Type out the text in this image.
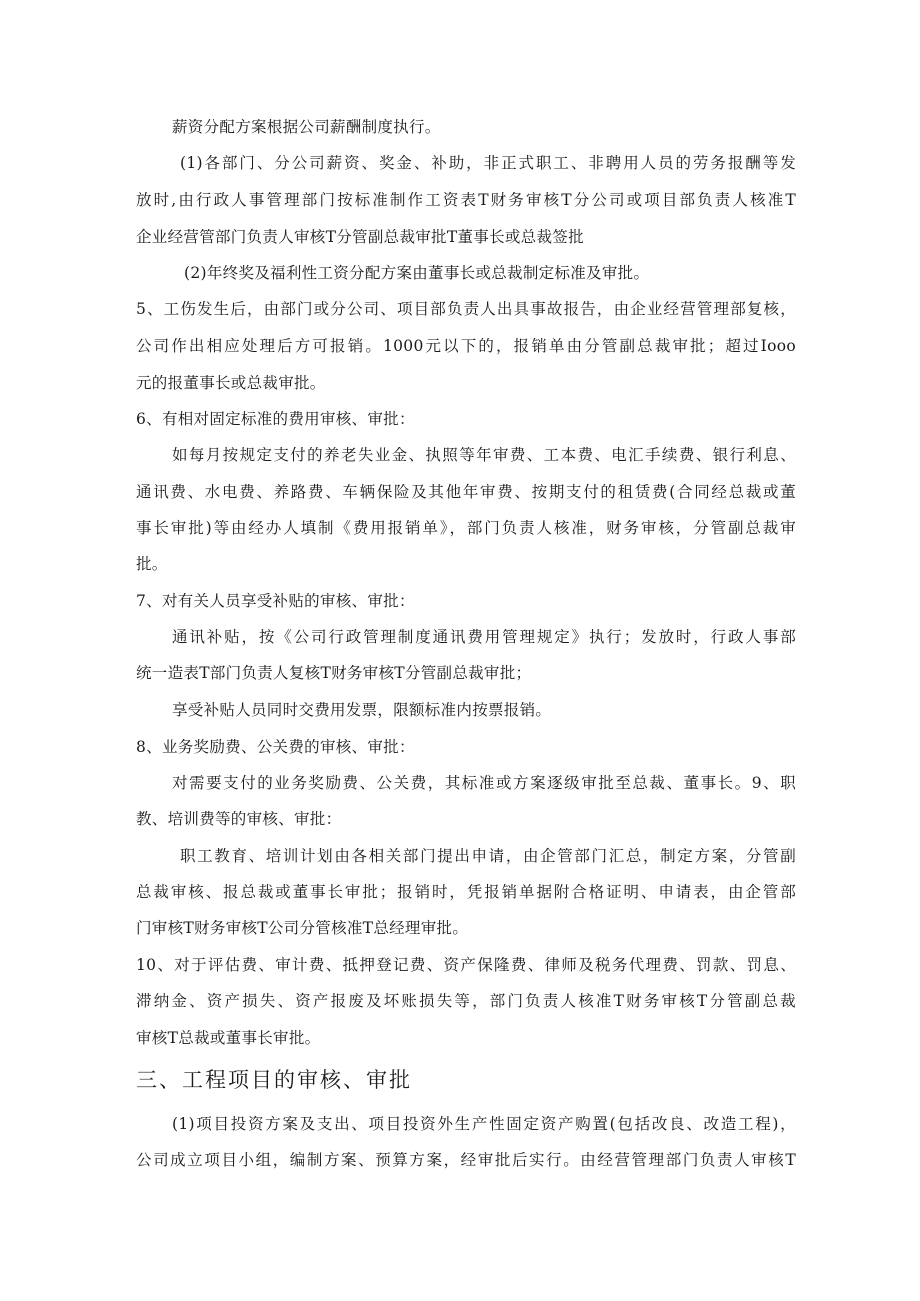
薪资分配方案根据公司薪酬制度执行。
(1)各部门、分公司薪资、奖金、补助，非正式职工、非聘用人员的劳务报酬等发
放时,由行政人事管理部门按标准制作工资表T财务审核T分公司或项目部负责人核准T
企业经营管部门负责人审核T分管副总裁审批T董事长或总裁签批
(2)年终奖及福利性工资分配方案由董事长或总裁制定标准及审批。
5、工伤发生后，由部门或分公司、项目部负责人出具事故报告，由企业经营管理部复核，
公司作出相应处理后方可报销。1000元以下的，报销单由分管副总裁审批；超过Iooo
元的报董事长或总裁审批。
6、有相对固定标准的费用审核、审批：
如每月按规定支付的养老失业金、执照等年审费、工本费、电汇手续费、银行利息、
通讯费、水电费、养路费、车辆保险及其他年审费、按期支付的租赁费(合同经总裁或董
事长审批)等由经办人填制《费用报销单》，部门负责人核准，财务审核，分管副总裁审
批。
7、对有关人员享受补贴的审核、审批：
通讯补贴，按《公司行政管理制度通讯费用管理规定》执行；发放时，行政人事部
统一造表T部门负责人复核T财务审核T分管副总裁审批；
享受补贴人员同时交费用发票，限额标准内按票报销。
8、业务奖励费、公关费的审核、审批：
对需要支付的业务奖励费、公关费，其标准或方案逐级审批至总裁、董事长。9、职
教、培训费等的审核、审批：
职工教育、培训计划由各相关部门提出申请，由企管部门汇总，制定方案，分管副
总裁审核、报总裁或董事长审批；报销时，凭报销单据附合格证明、申请表，由企管部
门审核T财务审核T公司分管核准T总经理审批。
10、对于评估费、审计费、抵押登记费、资产保隆费、律师及税务代理费、罚款、罚息、
滞纳金、资产损失、资产报废及坏账损失等，部门负责人核准T财务审核T分管副总裁
审核T总裁或董事长审批。
三、工程项目的审核、审批
(1)项目投资方案及支出、项目投资外生产性固定资产购置(包括改良、改造工程)，
公司成立项目小组，编制方案、预算方案，经审批后实行。由经营管理部门负责人审核T
